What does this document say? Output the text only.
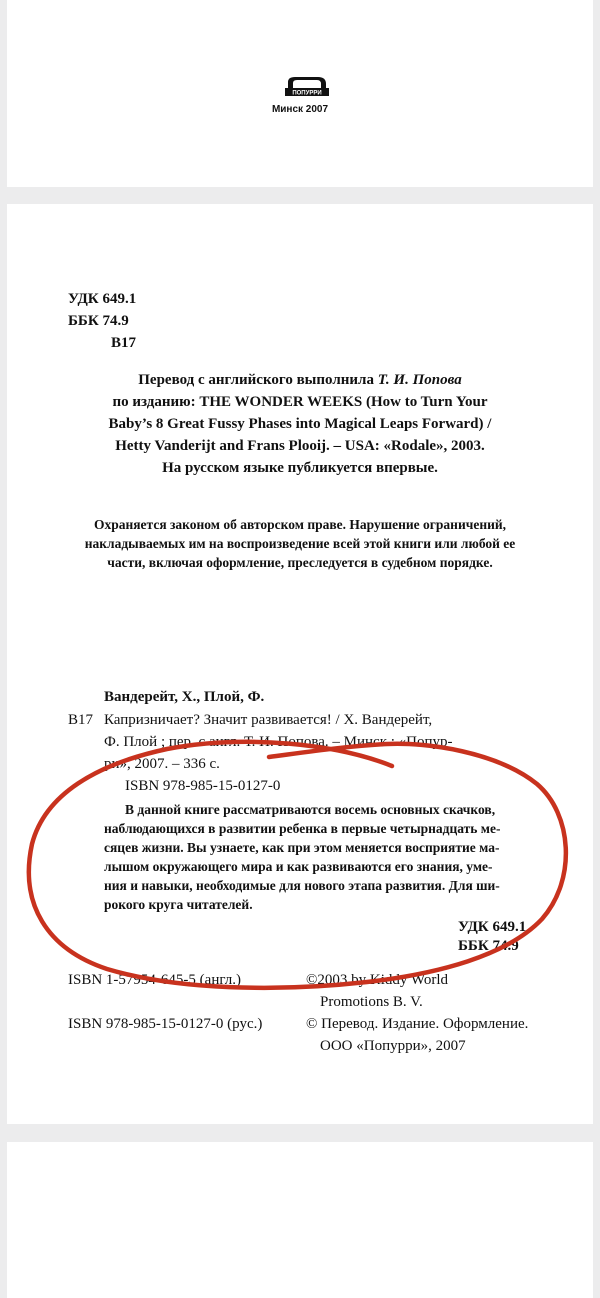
ПОПУРРИ
Минск 2007
УДК 649.1
ББК 74.9
В17
Перевод с английского выполнила Т. И. Попова
по изданию: THE WONDER WEEKS (How to Turn Your
Baby’s 8 Great Fussy Phases into Magical Leaps Forward) /
Hetty Vanderijt and Frans Plooij. – USA: «Rodale», 2003.
На русском языке публикуется впервые.
Охраняется законом об авторском праве. Нарушение ограничений,
накладываемых им на воспроизведение всей этой книги или любой ее
части, включая оформление, преследуется в судебном порядке.
Вандерейт, Х., Плой, Ф.
В17 Капризничает? Значит развивается! / Х. Вандерейт,
Ф. Плой ; пер. с англ. Т. И. Попова. – Минск : «Попур-
ри», 2007. – 336 с.
ISBN 978-985-15-0127-0
В данной книге рассматриваются восемь основных скачков,
наблюдающихся в развитии ребенка в первые четырнадцать ме-
сяцев жизни. Вы узнаете, как при этом меняется восприятие ма-
лышом окружающего мира и как развиваются его знания, уме-
ния и навыки, необходимые для нового этапа развития. Для ши-
рокого круга читателей.
УДК 649.1
ББК 74.9
ISBN 1-57954-645-5 (англ.)	©2003 by Kiddy World
Promotions B. V.
ISBN 978-985-15-0127-0 (рус.)	© Перевод. Издание. Оформление.
ООО «Попурри», 2007
